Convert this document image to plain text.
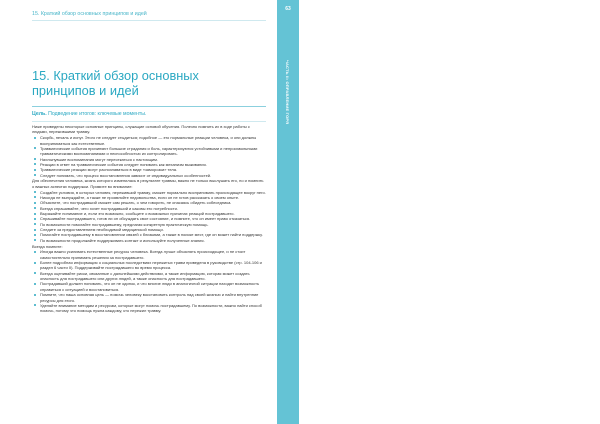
15. Краткий обзор основных принципов и идей
63
ЧАСТЬ II: ОПРАВЛЕНИЕ ГОРЯ
15. Краткий обзор основных принципов и идей
Цель. Подведение итогов: ключевые моменты.

Ниже приведены некоторые основные принципы, служащие основой обучения. Полезно помнить их в ходе работы с людьми, пережившими травму.

Скорбь, печаль и испуг. Этого не следует стыдиться; подобное — это нормальные реакции человека, и они должны восприниматься как естественные.
Травматические события причиняют большие страдания и боль, характеризуются устойчивыми и непроизвольными травматическими воспоминаниями и неспособностью их контролировать.
Нахлынувшие воспоминания могут пересекаться с настоящим.
Реакции в ответ на травматические события следует понимать как механизм выживания.
Травматические реакции могут распознаваться в виде «заморозки» тела.
Следует понимать, что процесс восстановления зависит от индивидуальных особенностей.

Для обеспечения человека, жизнь которого изменилась в результате травмы, важно не только выслушать его, но и помнить о важных аспектах поддержки. Примите во внимание:

Создайте условия, в которых человек, переживший травму, сможет нормально воспринимать происходящее вокруг него.
Никогда не вынуждайте, а также не проявляйте недовольства, если он не готов рассказать о своем опыте.
Объясните, что пострадавший сможет сам решать, о чем говорить, не опасаясь обидеть собеседника.
Всегда спрашивайте, чего хочет пострадавший и каковы его потребности.
Выражайте понимание и, если это возможно, сообщите о возможных причинах реакций пострадавшего.
Спрашивайте пострадавшего, готов ли он обсуждать свое состояние, и помните, что он имеет право отказаться.
По возможности помогайте пострадавшему, предлагая конкретную практическую помощь.
Следите за предоставлением необходимой медицинской помощи.
Помогайте пострадавшему в восстановлении связей с близкими, а также в поиске мест, где он может найти поддержку.
По возможности продолжайте поддерживать контакт и используйте полученные знания.

Всегда помните:

Иногда важно усиливать естественные ресурсы человека. Всегда лучше объяснять происходящее, и не стоит самостоятельно принимать решения за пострадавшего.
Более подробная информация о социальных последствиях пережитых травм приведена в руководстве (стр. 104-106 и раздел 6 части II). Поддерживайте пострадавшего во время процесса.
Всегда оценивайте риски, связанные с дальнейшими действиями, а также информацию, которая может создать опасность для пострадавшего или других людей, а также опасность для пострадавшего.
Пострадавший должен понимать, что он не одинок, и что многие люди в аналогичной ситуации находят возможность справиться с ситуацией и восстановиться.
Помните, что наша основная цель — помочь человеку восстановить контроль над своей жизнью и найти внутренние ресурсы для этого.
Уделяйте внимание методам и ресурсам, которые могут помочь пострадавшему. По возможности, важно найти способ помочь, потому что помощь нужна каждому, кто пережил травму.
